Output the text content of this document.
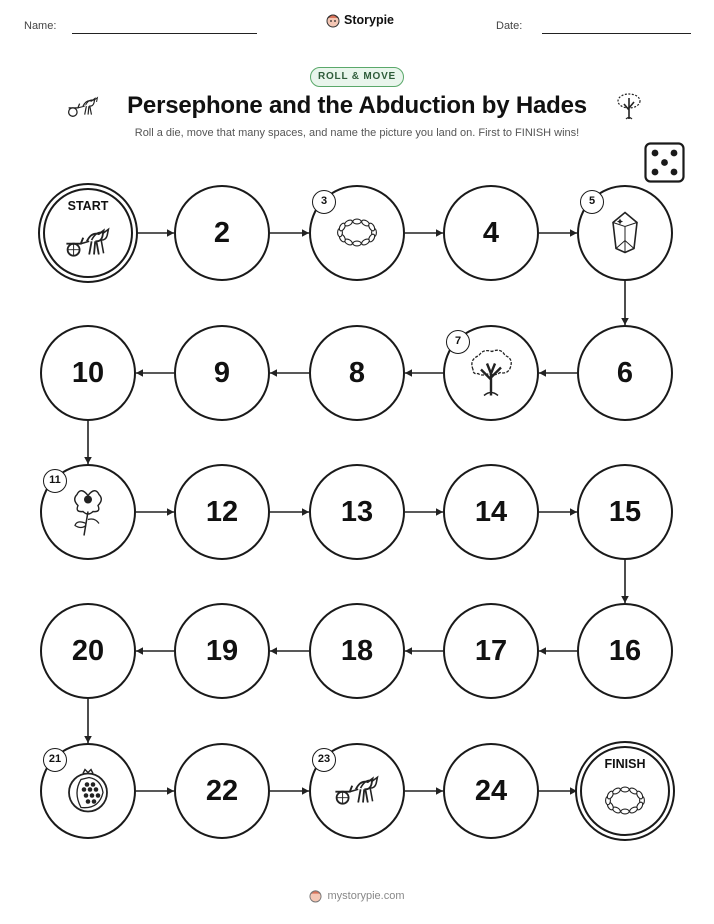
Name:	Storypie	Date:
ROLL & MOVE
Persephone and the Abduction by Hades
Roll a die, move that many spaces, and name the picture you land on. First to FINISH wins!
START
2
3
4
5
6
7
8
9
10
11
12	13	14	15
16
17
18
19
20
21
22
23
24
FINISH
mystorypie.com
